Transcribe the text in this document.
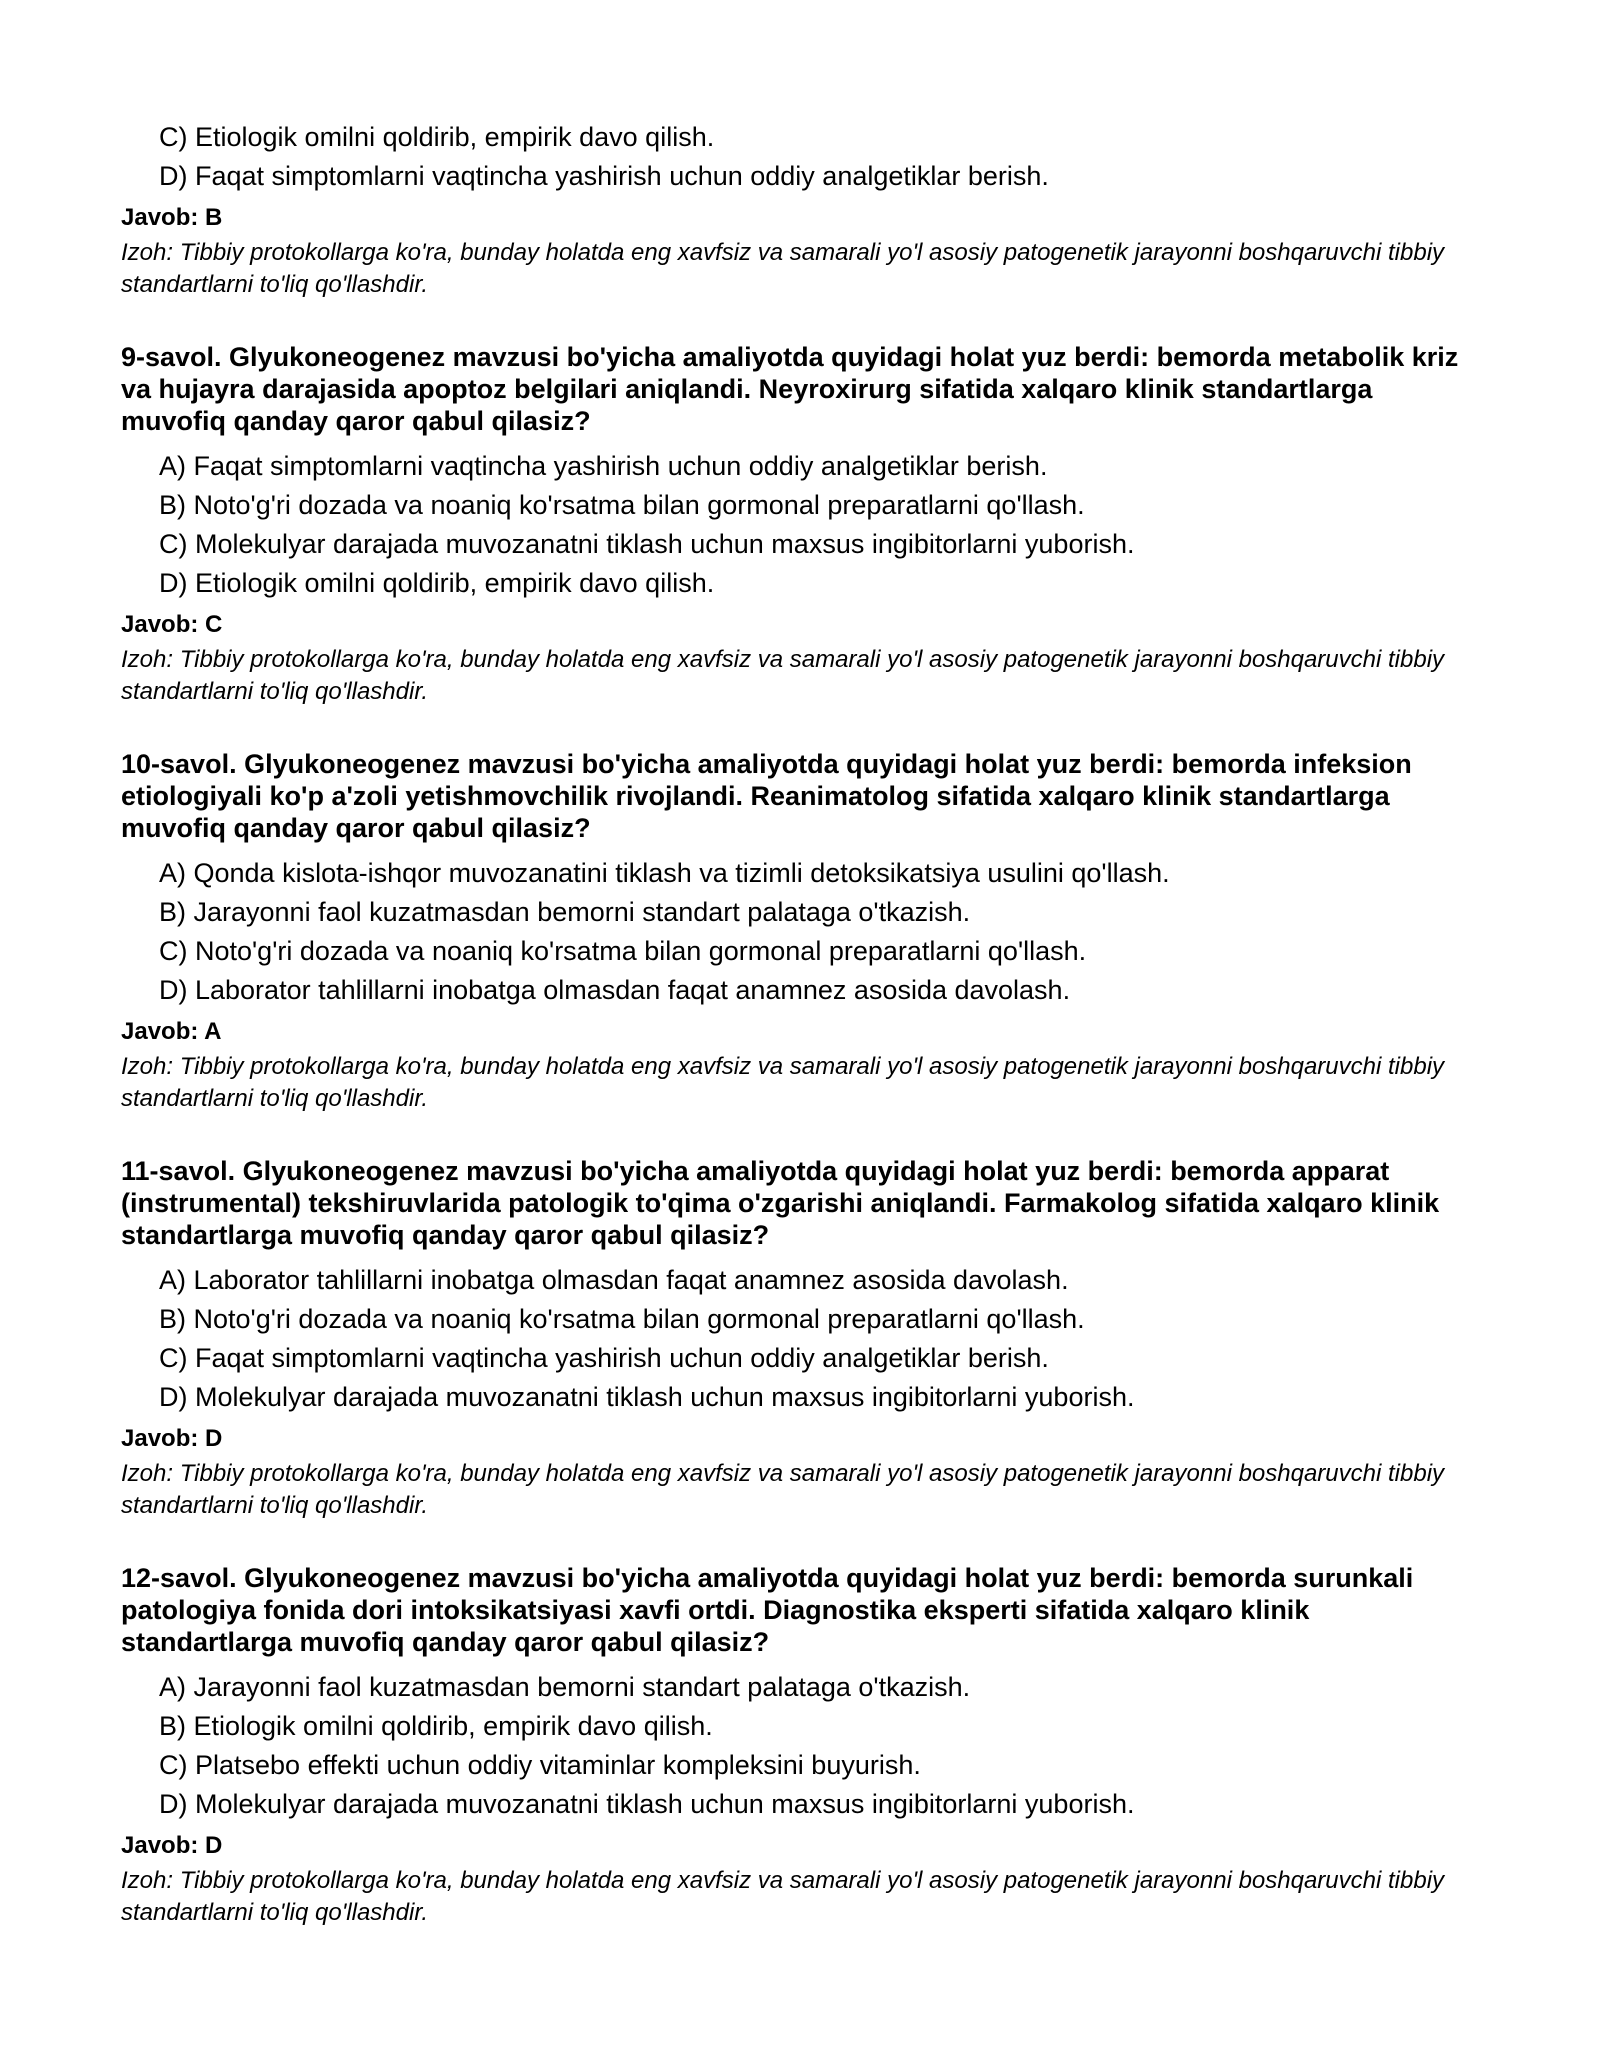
C) Etiologik omilni qoldirib, empirik davo qilish.
D) Faqat simptomlarni vaqtincha yashirish uchun oddiy analgetiklar berish.
Javob: B
Izoh: Tibbiy protokollarga ko'ra, bunday holatda eng xavfsiz va samarali yo'l asosiy patogenetik jarayonni boshqaruvchi tibbiy standartlarni to'liq qo'llashdir.
9-savol. Glyukoneogenez mavzusi bo'yicha amaliyotda quyidagi holat yuz berdi: bemorda metabolik kriz va hujayra darajasida apoptoz belgilari aniqlandi. Neyroxirurg sifatida xalqaro klinik standartlarga muvofiq qanday qaror qabul qilasiz?
A) Faqat simptomlarni vaqtincha yashirish uchun oddiy analgetiklar berish.
B) Noto'g'ri dozada va noaniq ko'rsatma bilan gormonal preparatlarni qo'llash.
C) Molekulyar darajada muvozanatni tiklash uchun maxsus ingibitorlarni yuborish.
D) Etiologik omilni qoldirib, empirik davo qilish.
Javob: C
Izoh: Tibbiy protokollarga ko'ra, bunday holatda eng xavfsiz va samarali yo'l asosiy patogenetik jarayonni boshqaruvchi tibbiy standartlarni to'liq qo'llashdir.
10-savol. Glyukoneogenez mavzusi bo'yicha amaliyotda quyidagi holat yuz berdi: bemorda infeksion etiologiyali ko'p a'zoli yetishmovchilik rivojlandi. Reanimatolog sifatida xalqaro klinik standartlarga muvofiq qanday qaror qabul qilasiz?
A) Qonda kislota-ishqor muvozanatini tiklash va tizimli detoksikatsiya usulini qo'llash.
B) Jarayonni faol kuzatmasdan bemorni standart palataga o'tkazish.
C) Noto'g'ri dozada va noaniq ko'rsatma bilan gormonal preparatlarni qo'llash.
D) Laborator tahlillarni inobatga olmasdan faqat anamnez asosida davolash.
Javob: A
Izoh: Tibbiy protokollarga ko'ra, bunday holatda eng xavfsiz va samarali yo'l asosiy patogenetik jarayonni boshqaruvchi tibbiy standartlarni to'liq qo'llashdir.
11-savol. Glyukoneogenez mavzusi bo'yicha amaliyotda quyidagi holat yuz berdi: bemorda apparat (instrumental) tekshiruvlarida patologik to'qima o'zgarishi aniqlandi. Farmakolog sifatida xalqaro klinik standartlarga muvofiq qanday qaror qabul qilasiz?
A) Laborator tahlillarni inobatga olmasdan faqat anamnez asosida davolash.
B) Noto'g'ri dozada va noaniq ko'rsatma bilan gormonal preparatlarni qo'llash.
C) Faqat simptomlarni vaqtincha yashirish uchun oddiy analgetiklar berish.
D) Molekulyar darajada muvozanatni tiklash uchun maxsus ingibitorlarni yuborish.
Javob: D
Izoh: Tibbiy protokollarga ko'ra, bunday holatda eng xavfsiz va samarali yo'l asosiy patogenetik jarayonni boshqaruvchi tibbiy standartlarni to'liq qo'llashdir.
12-savol. Glyukoneogenez mavzusi bo'yicha amaliyotda quyidagi holat yuz berdi: bemorda surunkali patologiya fonida dori intoksikatsiyasi xavfi ortdi. Diagnostika eksperti sifatida xalqaro klinik standartlarga muvofiq qanday qaror qabul qilasiz?
A) Jarayonni faol kuzatmasdan bemorni standart palataga o'tkazish.
B) Etiologik omilni qoldirib, empirik davo qilish.
C) Platsebo effekti uchun oddiy vitaminlar kompleksini buyurish.
D) Molekulyar darajada muvozanatni tiklash uchun maxsus ingibitorlarni yuborish.
Javob: D
Izoh: Tibbiy protokollarga ko'ra, bunday holatda eng xavfsiz va samarali yo'l asosiy patogenetik jarayonni boshqaruvchi tibbiy standartlarni to'liq qo'llashdir.
